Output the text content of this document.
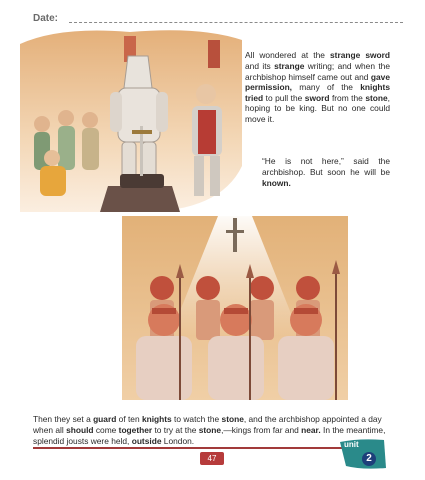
Date:

All wondered at the strange sword and its strange writing; and when the archbishop himself came out and gave permission, many of the knights tried to pull the sword from the stone, hoping to be king. But no one could move it.

“He is not here,” said the archbishop. But soon he will be known.

Then they set a guard of ten knights to watch the stone, and the archbishop appointed a day when all should come together to try at the stone,—kings from far and near. In the meantime, splendid jousts were held, outside London.

47
unit
2
